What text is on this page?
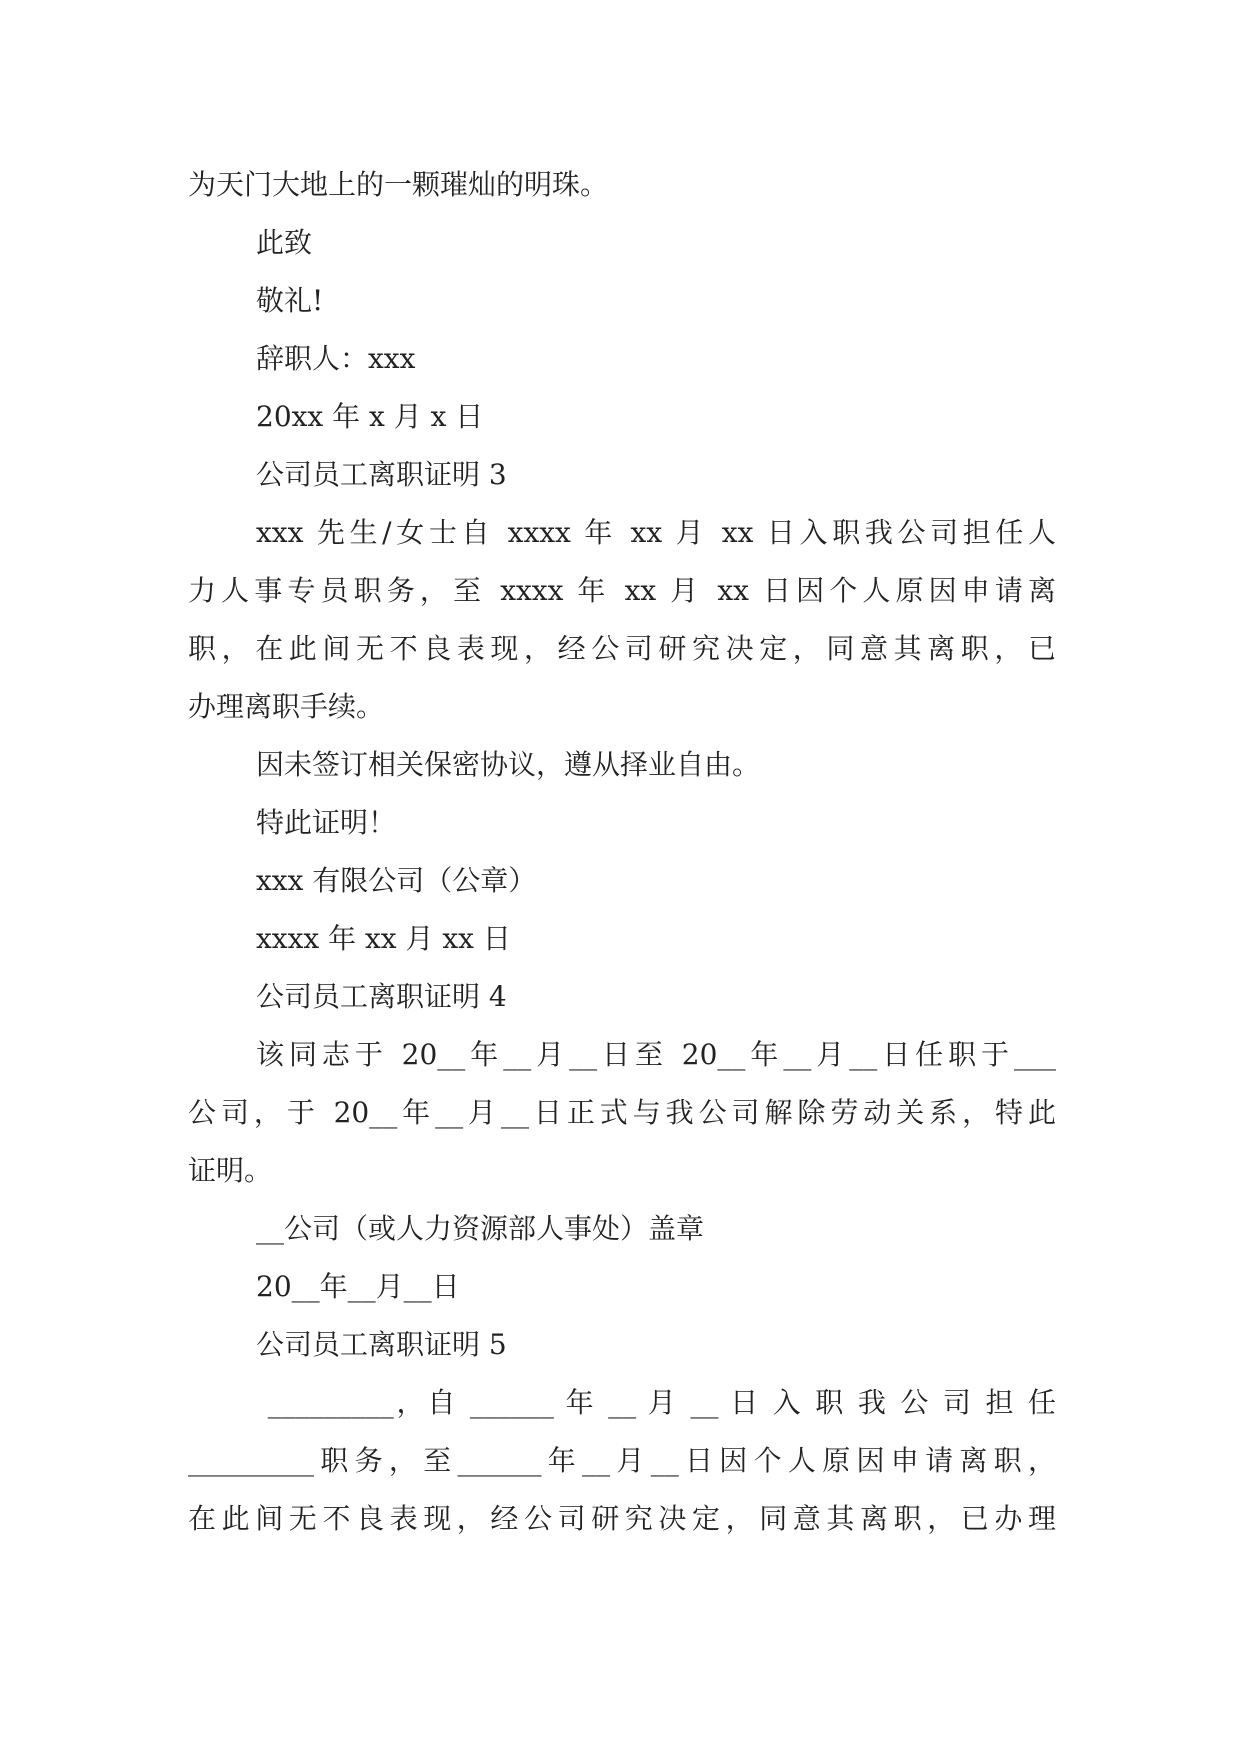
为天门大地上的一颗璀灿的明珠。
此致
敬礼!
辞职人：xxx
20xx 年 x 月 x 日
公司员工离职证明 3
xxx 先生/女士自 xxxx 年 xx 月 xx 日入职我公司担任人
力人事专员职务，至 xxxx 年 xx 月 xx 日因个人原因申请离
职，在此间无不良表现，经公司研究决定，同意其离职，已
办理离职手续。
因未签订相关保密协议，遵从择业自由。
特此证明！
xxx 有限公司（公章）
xxxx 年 xx 月 xx 日
公司员工离职证明 4
该同志于 20__年__月__日至 20__年__月__日任职于___
公司，于 20__年__月__日正式与我公司解除劳动关系，特此
证明。
__公司（或人力资源部人事处）盖章
20__年__月__日
公司员工离职证明 5
_________，自 ______ 年 __ 月 __ 日 入 职 我 公 司 担 任
_________职务，至______年__月__日因个人原因申请离职，
在此间无不良表现，经公司研究决定，同意其离职，已办理
